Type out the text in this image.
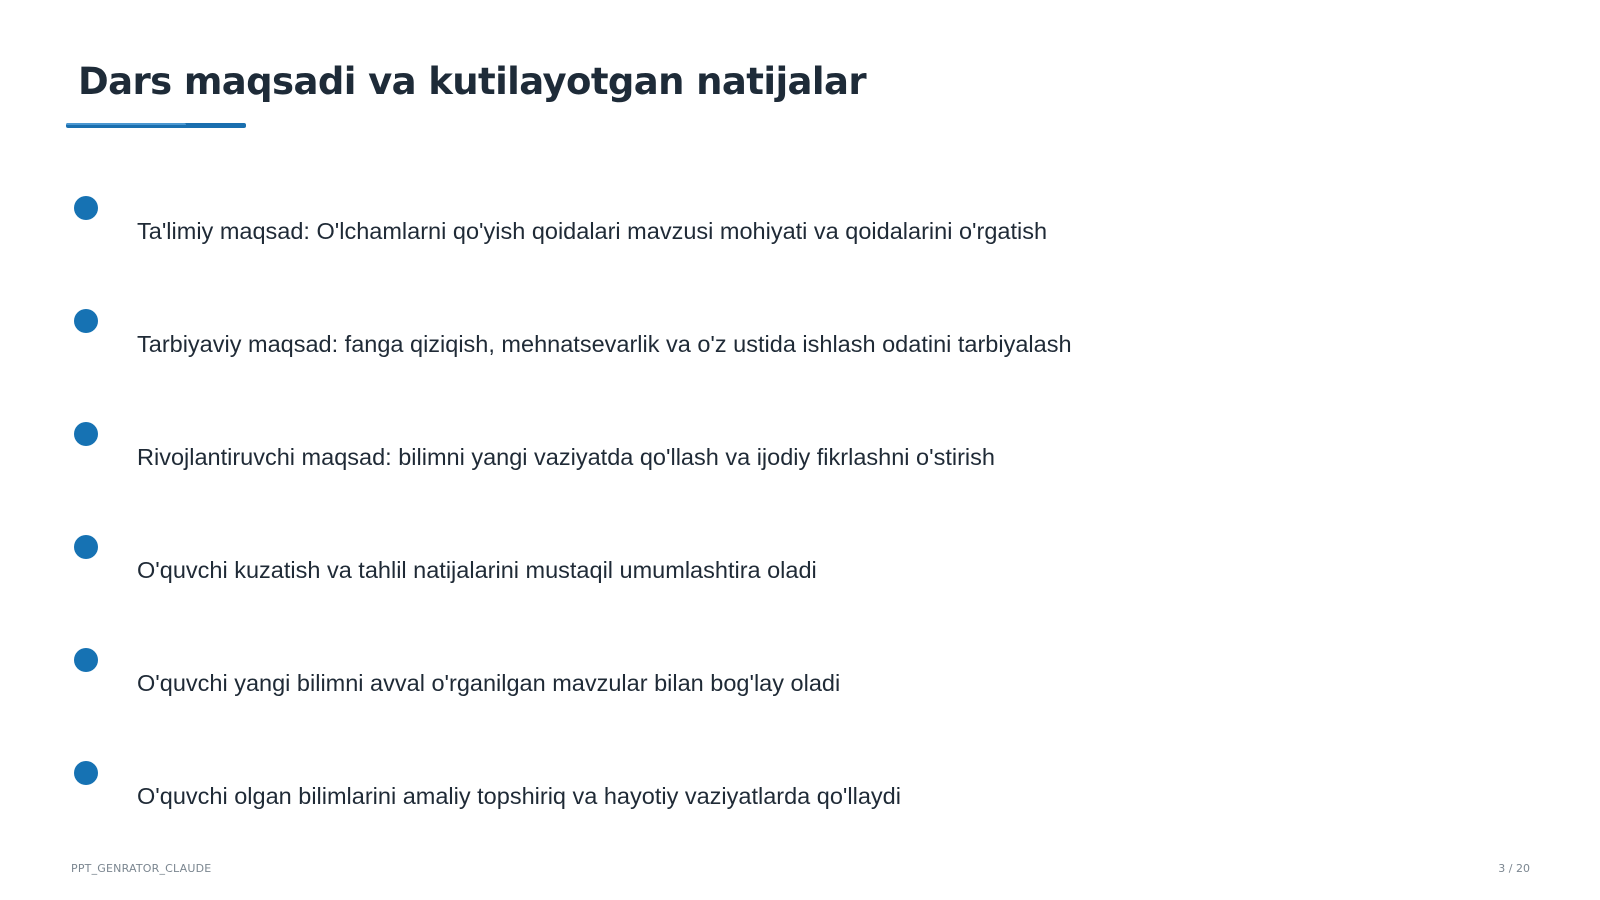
Dars maqsadi va kutilayotgan natijalar
Ta'limiy maqsad: O'lchamlarni qo'yish qoidalari mavzusi mohiyati va qoidalarini o'rgatish
Tarbiyaviy maqsad: fanga qiziqish, mehnatsevarlik va o'z ustida ishlash odatini tarbiyalash
Rivojlantiruvchi maqsad: bilimni yangi vaziyatda qo'llash va ijodiy fikrlashni o'stirish
O'quvchi kuzatish va tahlil natijalarini mustaqil umumlashtira oladi
O'quvchi yangi bilimni avval o'rganilgan mavzular bilan bog'lay oladi
O'quvchi olgan bilimlarini amaliy topshiriq va hayotiy vaziyatlarda qo'llaydi
PPT_GENRATOR_CLAUDE	3 / 20
